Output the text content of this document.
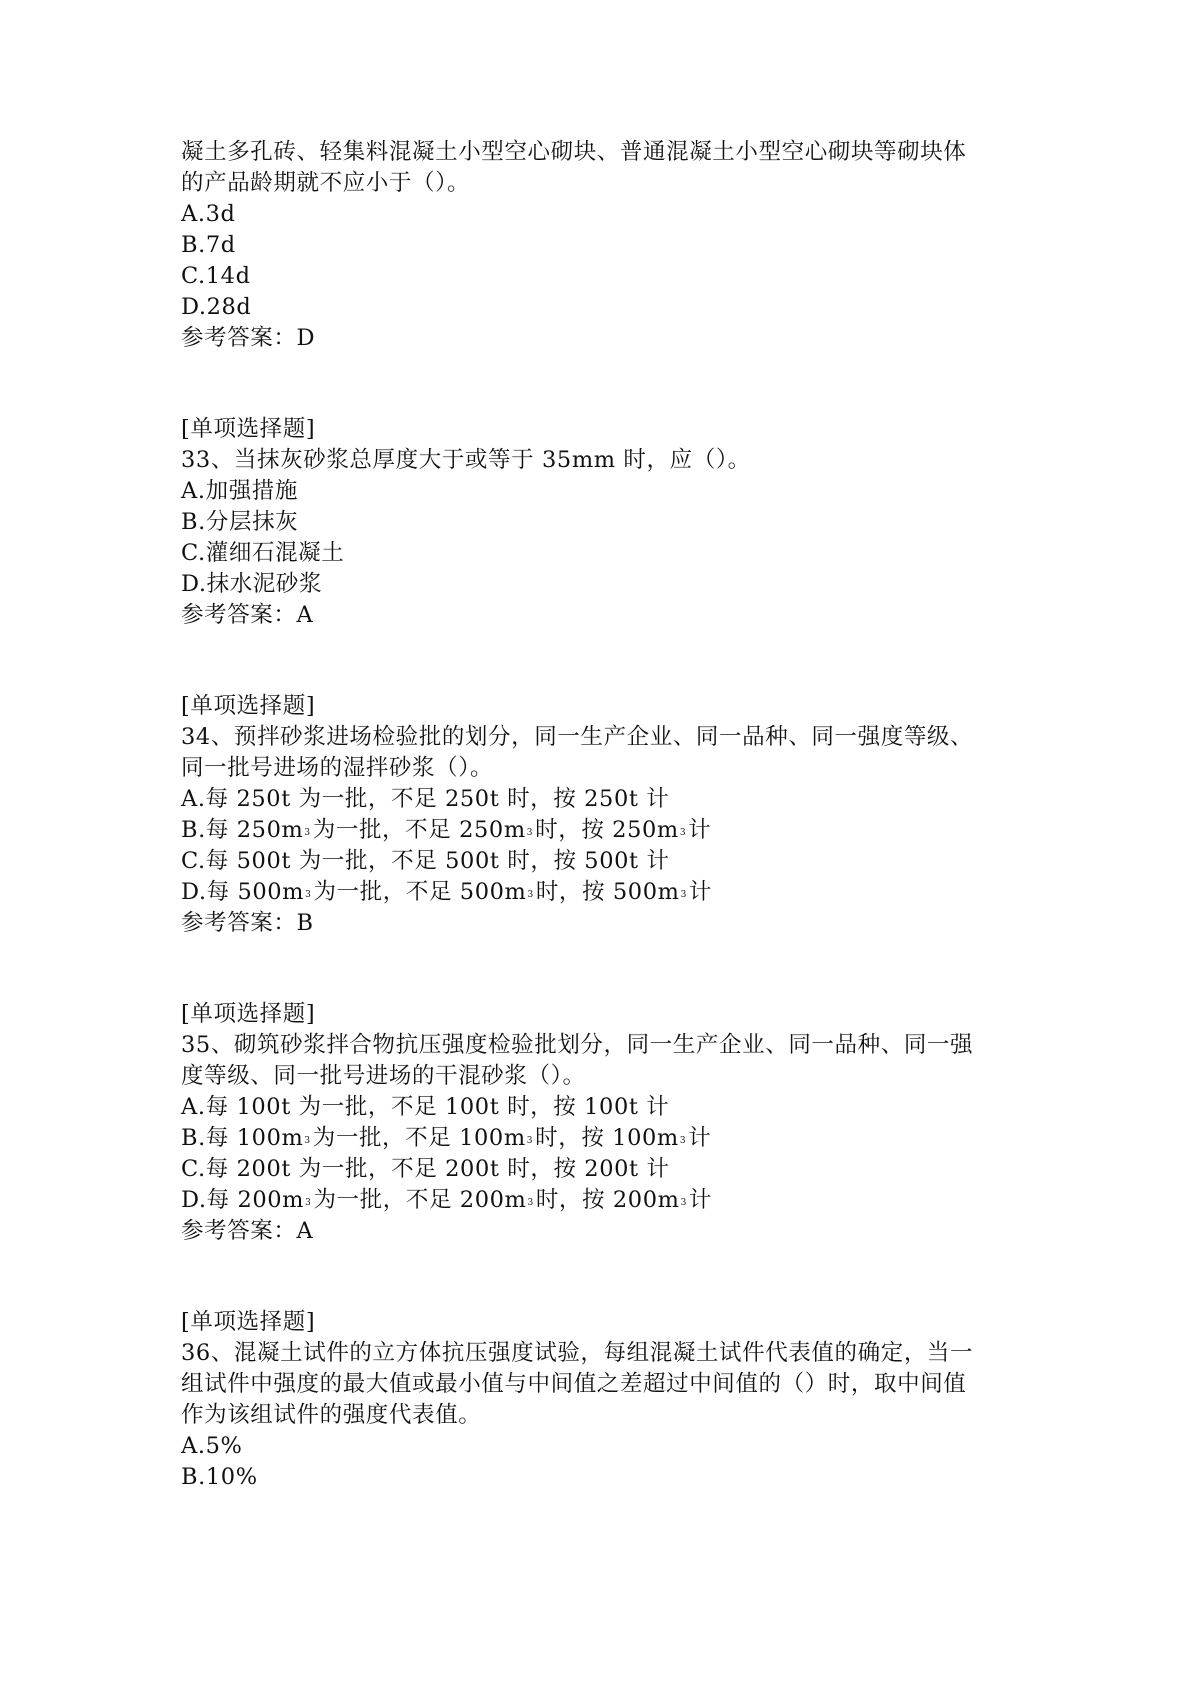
凝土多孔砖、轻集料混凝土小型空心砌块、普通混凝土小型空心砌块等砌块体
的产品龄期就不应小于（）。
A.3d
B.7d
C.14d
D.28d
参考答案：D
[单项选择题]
33、当抹灰砂浆总厚度大于或等于 35mm 时，应（）。
A.加强措施
B.分层抹灰
C.灌细石混凝土
D.抹水泥砂浆
参考答案：A
[单项选择题]
34、预拌砂浆进场检验批的划分，同一生产企业、同一品种、同一强度等级、
同一批号进场的湿拌砂浆（）。
A.每 250t 为一批，不足 250t 时，按 250t 计
B.每 $250m^3$为一批，不足 $250m^3$时，按 $250m^3$计
C.每 500t 为一批，不足 500t 时，按 500t 计
D.每 $500m^3$为一批，不足 $500m^3$时，按 $500m^3$计
参考答案：B
[单项选择题]
35、砌筑砂浆拌合物抗压强度检验批划分，同一生产企业、同一品种、同一强
度等级、同一批号进场的干混砂浆（）。
A.每 100t 为一批，不足 100t 时，按 100t 计
B.每 $100m^3$为一批，不足 $100m^3$时，按 $100m^3$计
C.每 200t 为一批，不足 200t 时，按 200t 计
D.每 $200m^3$为一批，不足 $200m^3$时，按 $200m^3$计
参考答案：A
[单项选择题]
36、混凝土试件的立方体抗压强度试验，每组混凝土试件代表值的确定，当一
组试件中强度的最大值或最小值与中间值之差超过中间值的（）时，取中间值
作为该组试件的强度代表值。
A.5%
B.10%
